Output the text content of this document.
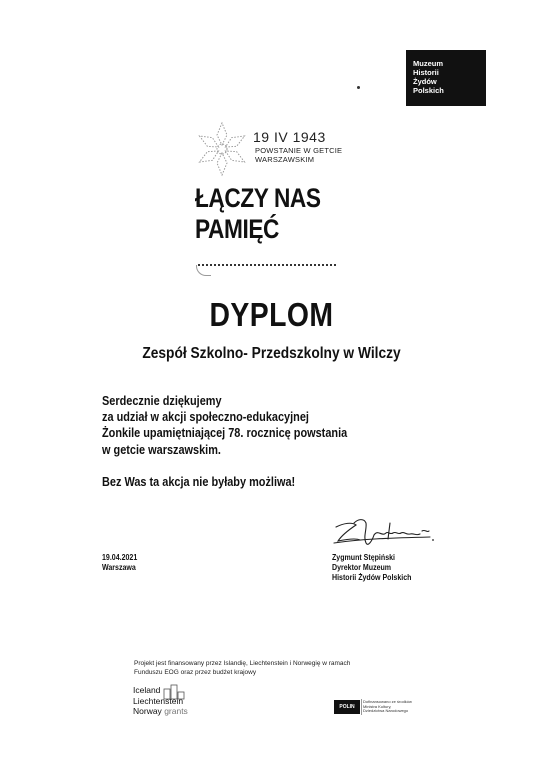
Muzeum
Historii
Żydów
Polskich
19 IV 1943
POWSTANIE W GETCIE
WARSZAWSKIM
ŁĄCZY NAS
PAMIĘĆ
DYPLOM
Zespół Szkolno- Przedszkolny w Wilczy
Serdecznie dziękujemy
za udział w akcji społeczno-edukacyjnej
Żonkile upamiętniającej 78. rocznicę powstania
w getcie warszawskim.
Bez Was ta akcja nie byłaby możliwa!
19.04.2021
Warszawa
Zygmunt Stępiński
Dyrektor Muzeum
Historii Żydów Polskich
Projekt jest finansowany przez Islandię, Liechtenstein i Norwegię w ramach
Funduszu EOG oraz przez budżet krajowy
Iceland
Liechtenstein
Norway grants	POLIN
Dofinansowano ze środków
Ministra Kultury,
Dziedzictwa Narodowego
